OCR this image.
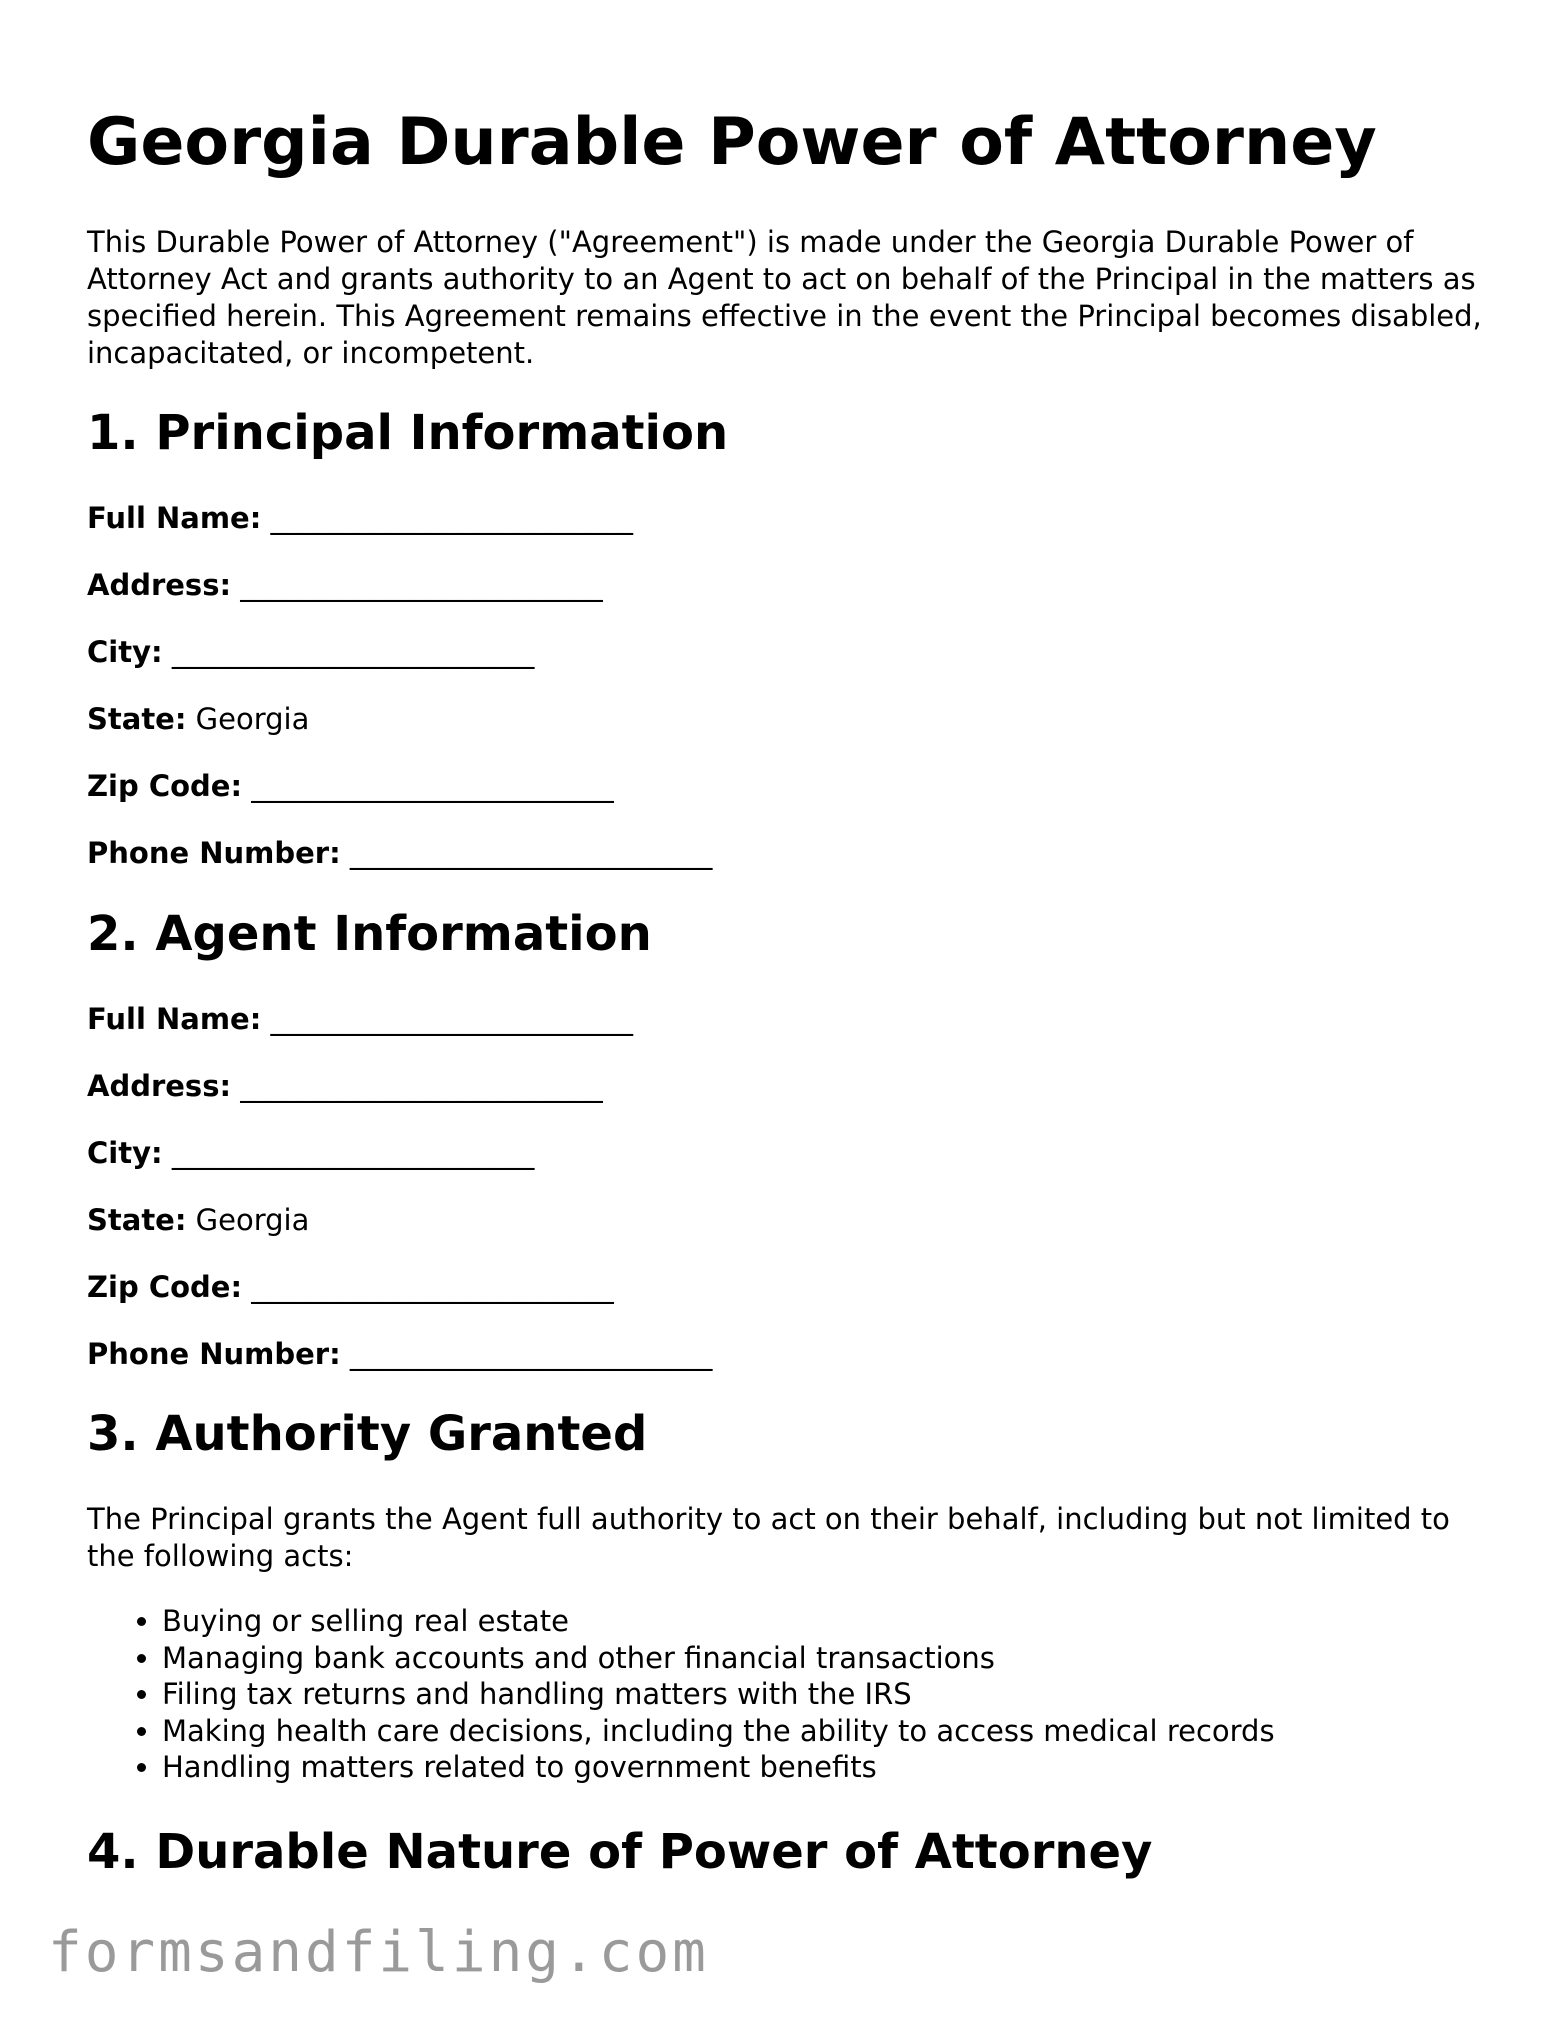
Georgia Durable Power of Attorney

This Durable Power of Attorney ("Agreement") is made under the Georgia Durable Power of Attorney Act and grants authority to an Agent to act on behalf of the Principal in the matters as specified herein. This Agreement remains effective in the event the Principal becomes disabled, incapacitated, or incompetent.

1. Principal Information

Full Name: _________________________

Address: _________________________

City: _________________________

State: Georgia

Zip Code: _________________________

Phone Number: _________________________

2. Agent Information

Full Name: _________________________

Address: _________________________

City: _________________________

State: Georgia

Zip Code: _________________________

Phone Number: _________________________

3. Authority Granted

The Principal grants the Agent full authority to act on their behalf, including but not limited to the following acts:

• Buying or selling real estate
• Managing bank accounts and other financial transactions
• Filing tax returns and handling matters with the IRS
• Making health care decisions, including the ability to access medical records
• Handling matters related to government benefits
4. Durable Nature of Power of Attorney
formsandfiling.com
